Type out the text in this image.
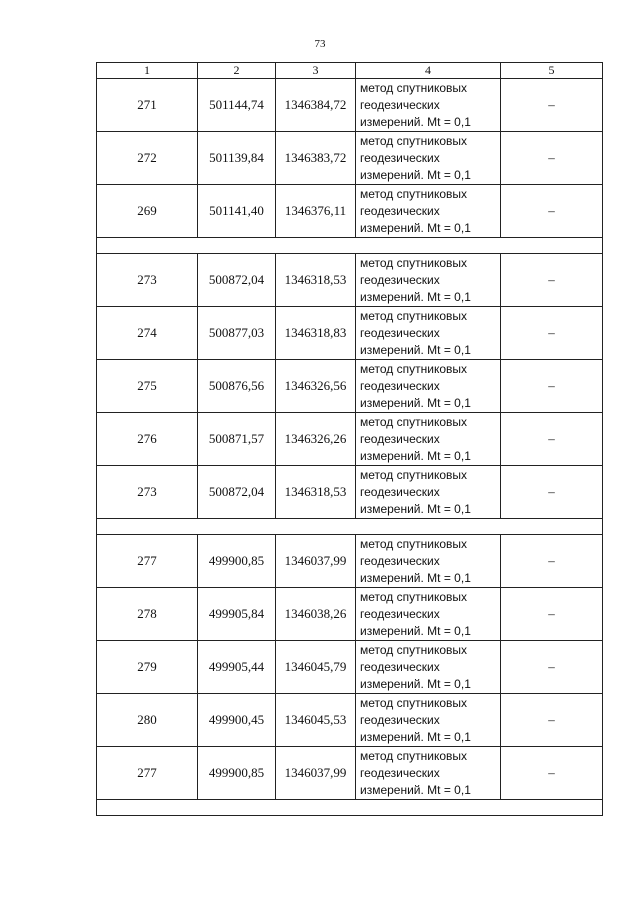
73
1	2	3	4	5
271	501144,74	1346384,72	метод спутниковых
геодезических
измерений. Mt = 0,1	–
272	501139,84	1346383,72	метод спутниковых
геодезических
измерений. Mt = 0,1	–
269	501141,40	1346376,11	метод спутниковых
геодезических
измерений. Mt = 0,1	–

273	500872,04	1346318,53	метод спутниковых
геодезических
измерений. Mt = 0,1	–
274	500877,03	1346318,83	метод спутниковых
геодезических
измерений. Mt = 0,1	–
275	500876,56	1346326,56	метод спутниковых
геодезических
измерений. Mt = 0,1	–
276	500871,57	1346326,26	метод спутниковых
геодезических
измерений. Mt = 0,1	–
273	500872,04	1346318,53	метод спутниковых
геодезических
измерений. Mt = 0,1	–

277	499900,85	1346037,99	метод спутниковых
геодезических
измерений. Mt = 0,1	–
278	499905,84	1346038,26	метод спутниковых
геодезических
измерений. Mt = 0,1	–
279	499905,44	1346045,79	метод спутниковых
геодезических
измерений. Mt = 0,1	–
280	499900,45	1346045,53	метод спутниковых
геодезических
измерений. Mt = 0,1	–
277	499900,85	1346037,99	метод спутниковых
геодезических
измерений. Mt = 0,1	–
